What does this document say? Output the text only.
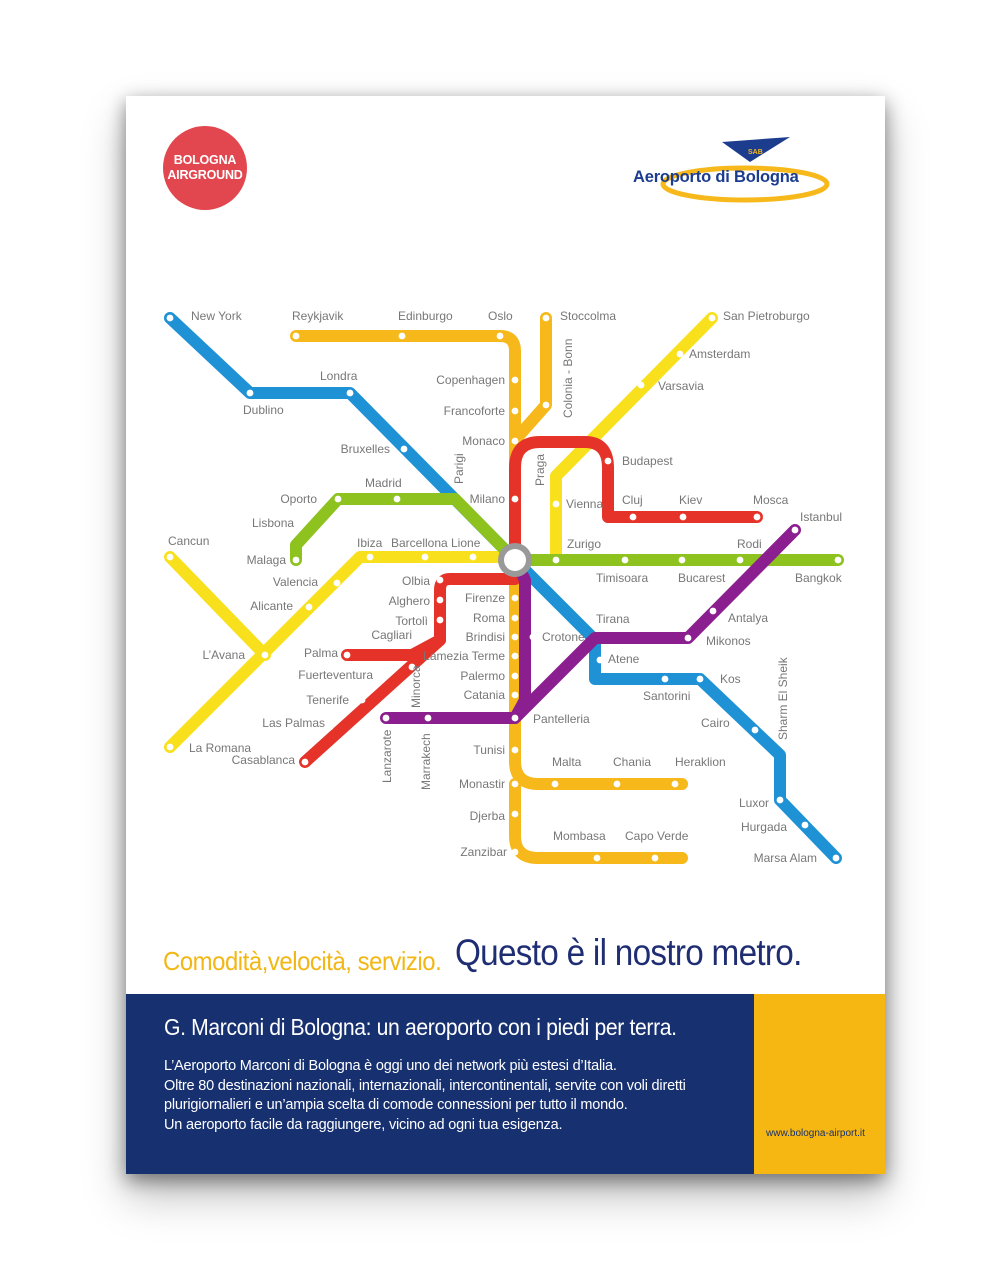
BOLOGNA
AIRGROUND
SAB
Aeroporto di Bologna
New York	Reykjavik	Edinburgo	Oslo	Stoccolma	San Pietroburgo
Londra
Dublino
Copenhagen	Colonia - Bonn	Amsterdam
Varsavia
Francoforte
Monaco
Bruxelles
Parigi	Praga	Budapest
Madrid
Oporto	Milano	Vienna Cluj	Kiev	Mosca
Lisbona	Istanbul
Cancun	Ibiza Barcellona Lione	Zurigo	Rodi
Malaga
Timisoara Bucarest	Bangkok
Valencia	Olbia
Firenze
Alghero
Alicante
Roma
Tortolì	Tirana	Antalya
Brindisi	Crotone
Cagliari	Mikonos
L’Avana	Palma	Lamezia Terme	Atene
Fuerteventura	Palermo	Kos
Minorca	Sharm El Sheik
Catania	Santorini
Tenerife
Pantelleria
Las Palmas	Cairo
Lanzarote
La Romana	Marrakech	Tunisi
Casablanca	Malta	Chania Heraklion
Monastir
Luxor
Djerba
Hurgada
Mombasa Capo Verde
Zanzibar	Marsa Alam
Comodità,velocità, servizio. Questo è il nostro metro.
G. Marconi di Bologna: un aeroporto con i piedi per terra.
L’Aeroporto Marconi di Bologna è oggi uno dei network più estesi d’Italia.
Oltre 80 destinazioni nazionali, internazionali, intercontinentali, servite con voli diretti
plurigiornalieri e un’ampia scelta di comode connessioni per tutto il mondo.
Un aeroporto facile da raggiungere, vicino ad ogni tua esigenza.
www.bologna-airport.it
